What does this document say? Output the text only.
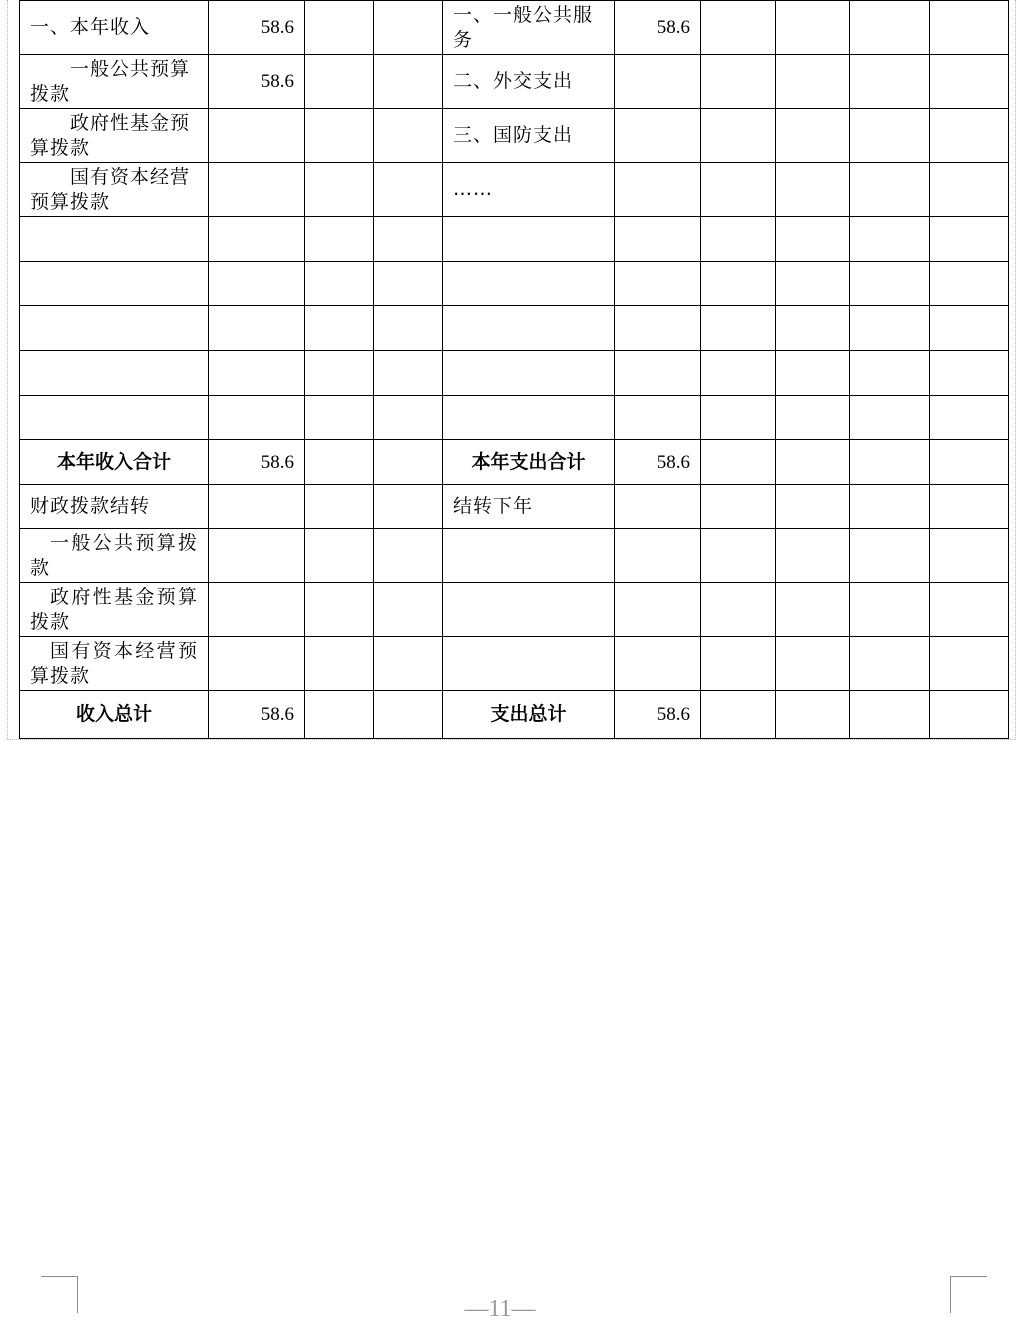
一、本年收入	58.6			一、一般公共服务	58.6				
一般公共预算拨款	58.6			二、外交支出					
政府性基金预算拨款				三、国防支出					
国有资本经营预算拨款				……					

本年收入合计	58.6			本年支出合计	58.6				
财政拨款结转				结转下年					
一般公共预算拨款									
政府性基金预算拨款									
国有资本经营预算拨款									
收入总计	58.6			支出总计	58.6				
—11—
